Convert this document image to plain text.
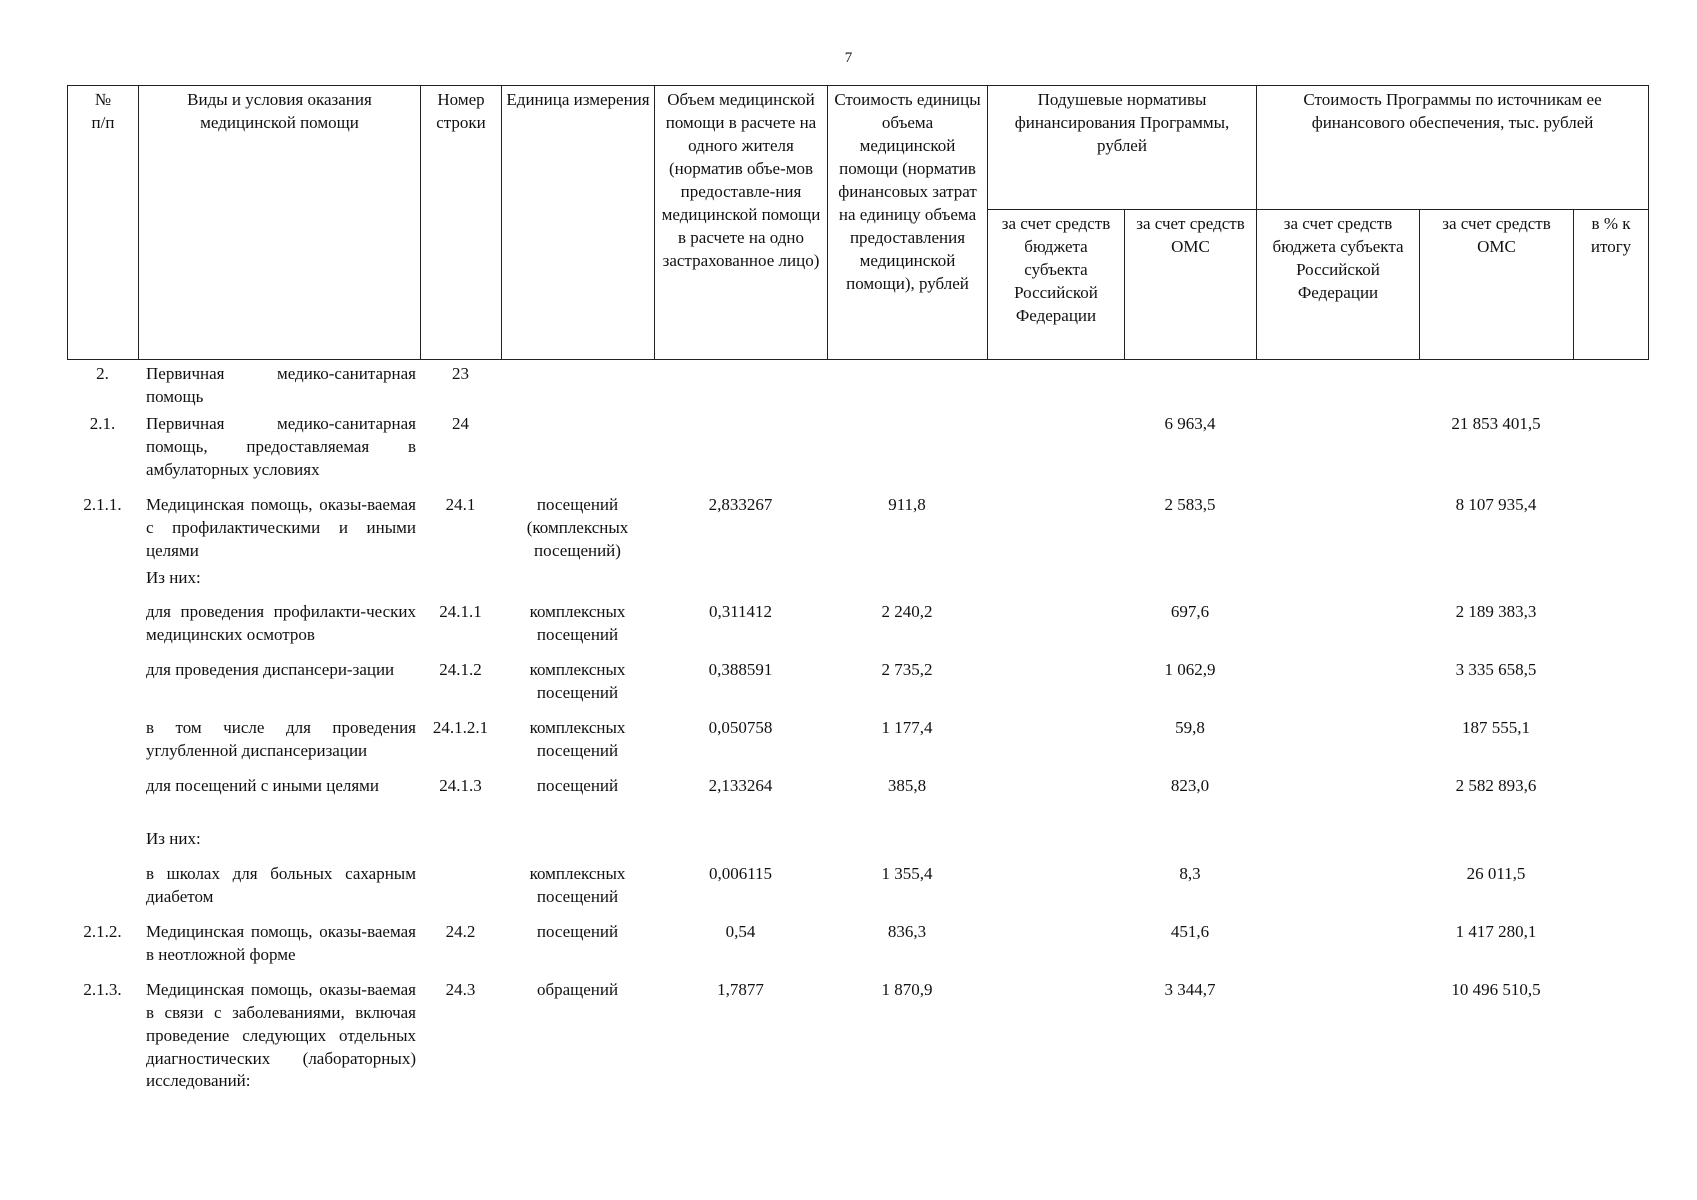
7
№
п/п	Виды и условия оказания медицинской помощи	Номер строки	Единица измерения	Объем медицинской помощи в расчете на одного жителя (норматив объе-мов предоставле-ния медицинской помощи в расчете на одно застрахованное лицо)	Стоимость единицы объема медицинской помощи (норматив финансовых затрат на единицу объема предоставления медицинской помощи), рублей	Подушевые нормативы финансирования Программы, рублей		Стоимость Программы по источникам ее финансового обеспечения, тыс. рублей		
						за счет средств бюджета субъекта Российской Федерации	за счет средств ОМС	за счет средств бюджета субъекта Российской Федерации	за счет средств ОМС	в % к итогу
2.	Первичная медико-санитарная помощь	23								
2.1.	Первичная медико-санитарная помощь, предоставляемая в амбулаторных условиях	24					6 963,4		21 853 401,5	
2.1.1.	Медицинская помощь, оказы-ваемая с профилактическими и иными целями	24.1	посещений (комплексных посещений)	2,833267	911,8		2 583,5		8 107 935,4	
	Из них:									
	для проведения профилакти-ческих медицинских осмотров	24.1.1	комплексных посещений	0,311412	2 240,2		697,6		2 189 383,3	
	для проведения диспансери-зации	24.1.2	комплексных посещений	0,388591	2 735,2		1 062,9		3 335 658,5	
	в том числе для проведения углубленной диспансеризации	24.1.2.1	комплексных посещений	0,050758	1 177,4		59,8		187 555,1	
	для посещений с иными целями	24.1.3	посещений	2,133264	385,8		823,0		2 582 893,6	
	Из них:									
	в школах для больных сахарным диабетом		комплексных посещений	0,006115	1 355,4		8,3		26 011,5	
2.1.2.	Медицинская помощь, оказы-ваемая в неотложной форме	24.2	посещений	0,54	836,3		451,6		1 417 280,1	
2.1.3.	Медицинская помощь, оказы-ваемая в связи с заболеваниями, включая проведение следующих отдельных диагностических (лабораторных) исследований:	24.3	обращений	1,7877	1 870,9		3 344,7		10 496 510,5	
